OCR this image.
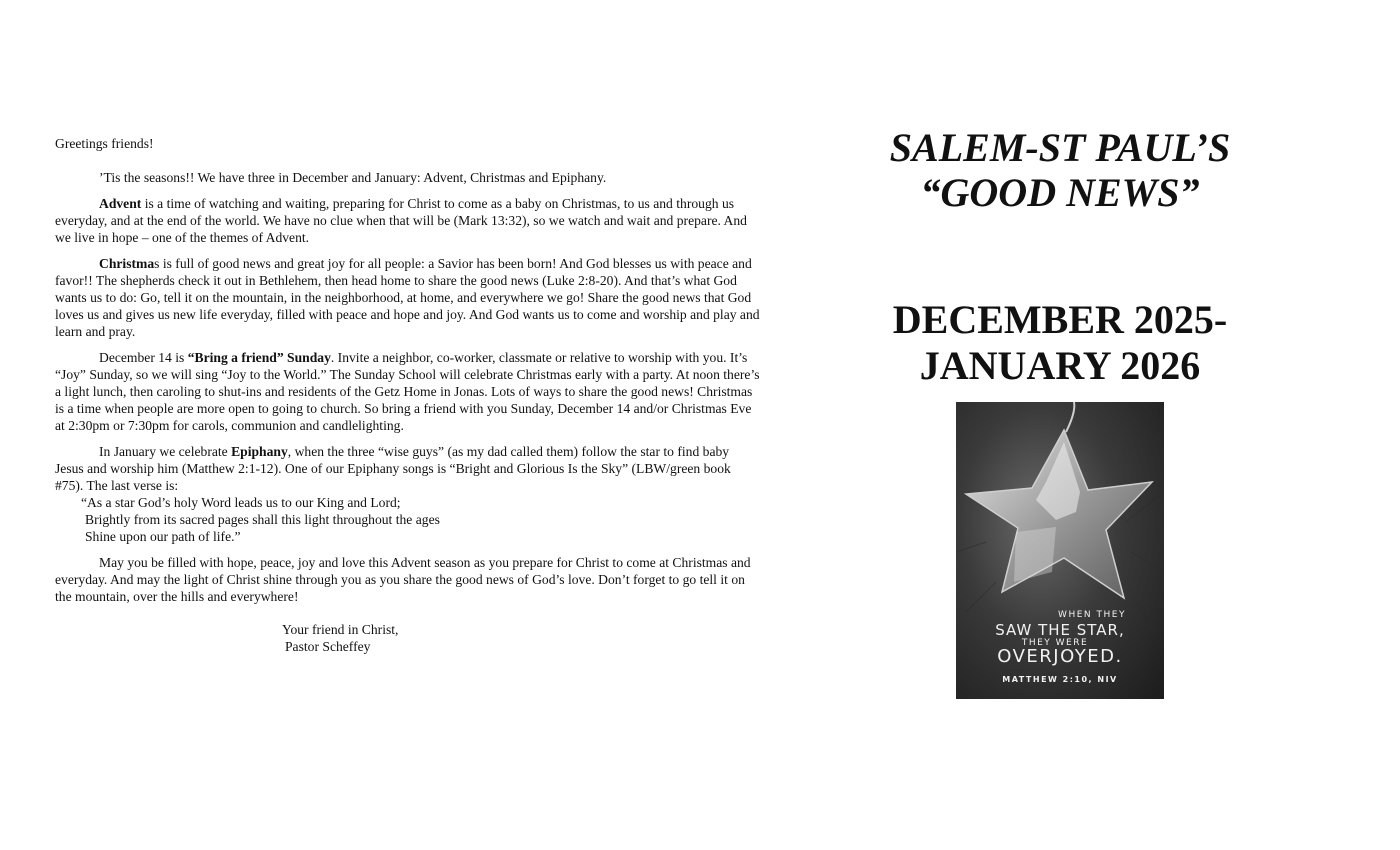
Greetings friends!

’Tis the seasons!! We have three in December and January: Advent, Christmas and Epiphany.

Advent is a time of watching and waiting, preparing for Christ to come as a baby on Christmas, to us and through us everyday, and at the end of the world. We have no clue when that will be (Mark 13:32), so we watch and wait and prepare. And we live in hope – one of the themes of Advent.

Christmas is full of good news and great joy for all people: a Savior has been born! And God blesses us with peace and favor!! The shepherds check it out in Bethlehem, then head home to share the good news (Luke 2:8-20). And that’s what God wants us to do: Go, tell it on the mountain, in the neighborhood, at home, and everywhere we go! Share the good news that God loves us and gives us new life everyday, filled with peace and hope and joy. And God wants us to come and worship and play and learn and pray.

December 14 is “Bring a friend” Sunday. Invite a neighbor, co-worker, classmate or relative to worship with you. It’s “Joy” Sunday, so we will sing “Joy to the World.” The Sunday School will celebrate Christmas early with a party. At noon there’s a light lunch, then caroling to shut-ins and residents of the Getz Home in Jonas. Lots of ways to share the good news! Christmas is a time when people are more open to going to church. So bring a friend with you Sunday, December 14 and/or Christmas Eve at 2:30pm or 7:30pm for carols, communion and candlelighting.

In January we celebrate Epiphany, when the three “wise guys” (as my dad called them) follow the star to find baby Jesus and worship him (Matthew 2:1-12). One of our Epiphany songs is “Bright and Glorious Is the Sky” (LBW/green book #75). The last verse is:

“As a star God’s holy Word leads us to our King and Lord;
Brightly from its sacred pages shall this light throughout the ages
Shine upon our path of life.”

May you be filled with hope, peace, joy and love this Advent season as you prepare for Christ to come at Christmas and everyday. And may the light of Christ shine through you as you share the good news of God’s love. Don’t forget to go tell it on the mountain, over the hills and everywhere!

Your friend in Christ,
Pastor Scheffey

SALEM-ST PAUL’S
“GOOD NEWS”

DECEMBER 2025-
JANUARY 2026

WHEN THEY
SAW THE STAR,
THEY WERE
OVERJOYED.
MATTHEW 2:10, NIV
